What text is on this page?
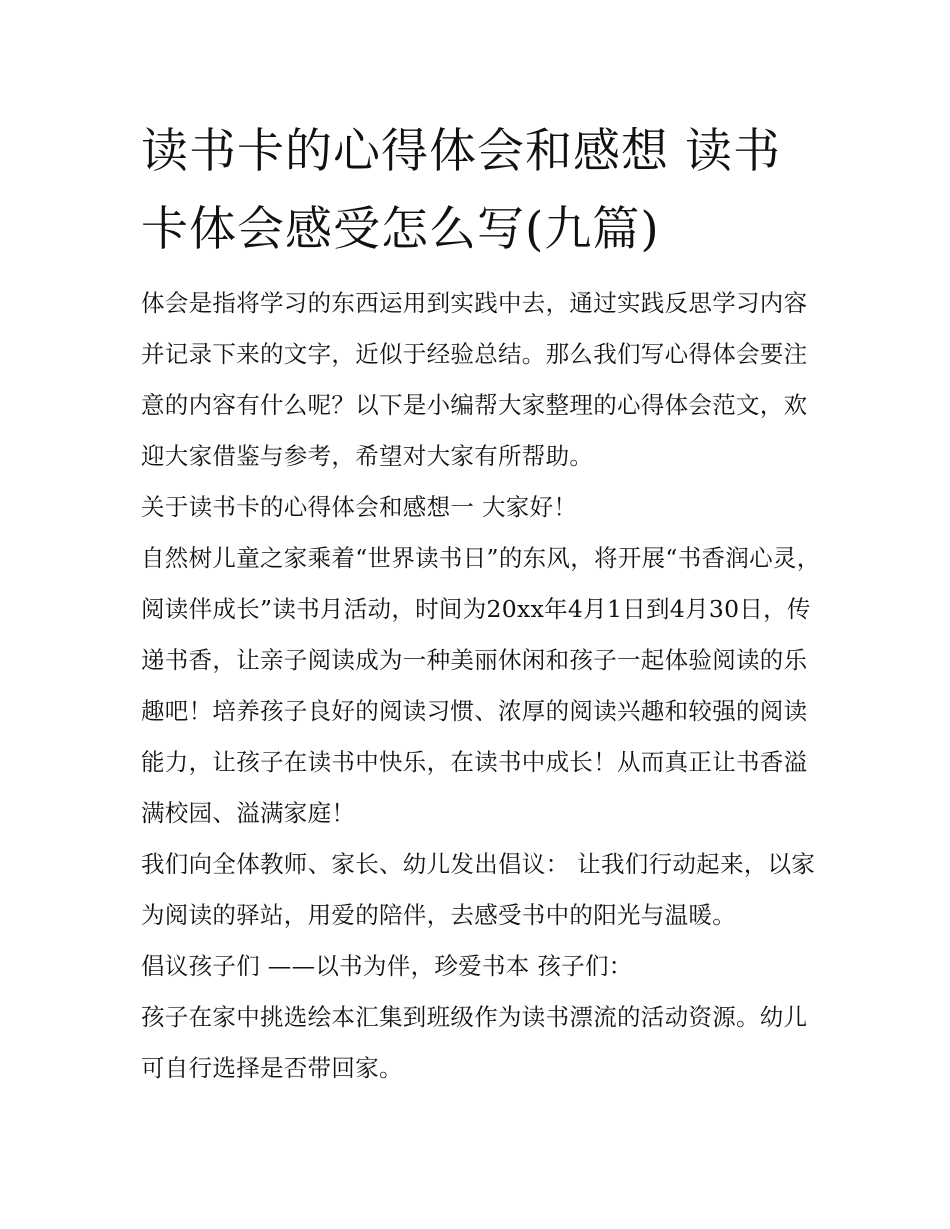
读书卡的心得体会和感想 读书卡体会感受怎么写(九篇)

体会是指将学习的东西运用到实践中去，通过实践反思学习内容并记录下来的文字，近似于经验总结。那么我们写心得体会要注意的内容有什么呢？以下是小编帮大家整理的心得体会范文，欢迎大家借鉴与参考，希望对大家有所帮助。

关于读书卡的心得体会和感想一 大家好！

自然树儿童之家乘着“世界读书日”的东风，将开展“书香润心灵，阅读伴成长”读书月活动，时间为20xx年4月1日到4月30日，传递书香，让亲子阅读成为一种美丽休闲和孩子一起体验阅读的乐趣吧！培养孩子良好的阅读习惯、浓厚的阅读兴趣和较强的阅读能力，让孩子在读书中快乐，在读书中成长！从而真正让书香溢满校园、溢满家庭！

我们向全体教师、家长、幼儿发出倡议： 让我们行动起来，以家为阅读的驿站，用爱的陪伴，去感受书中的阳光与温暖。

倡议孩子们 ——以书为伴，珍爱书本 孩子们：

孩子在家中挑选绘本汇集到班级作为读书漂流的活动资源。幼儿可自行选择是否带回家。
